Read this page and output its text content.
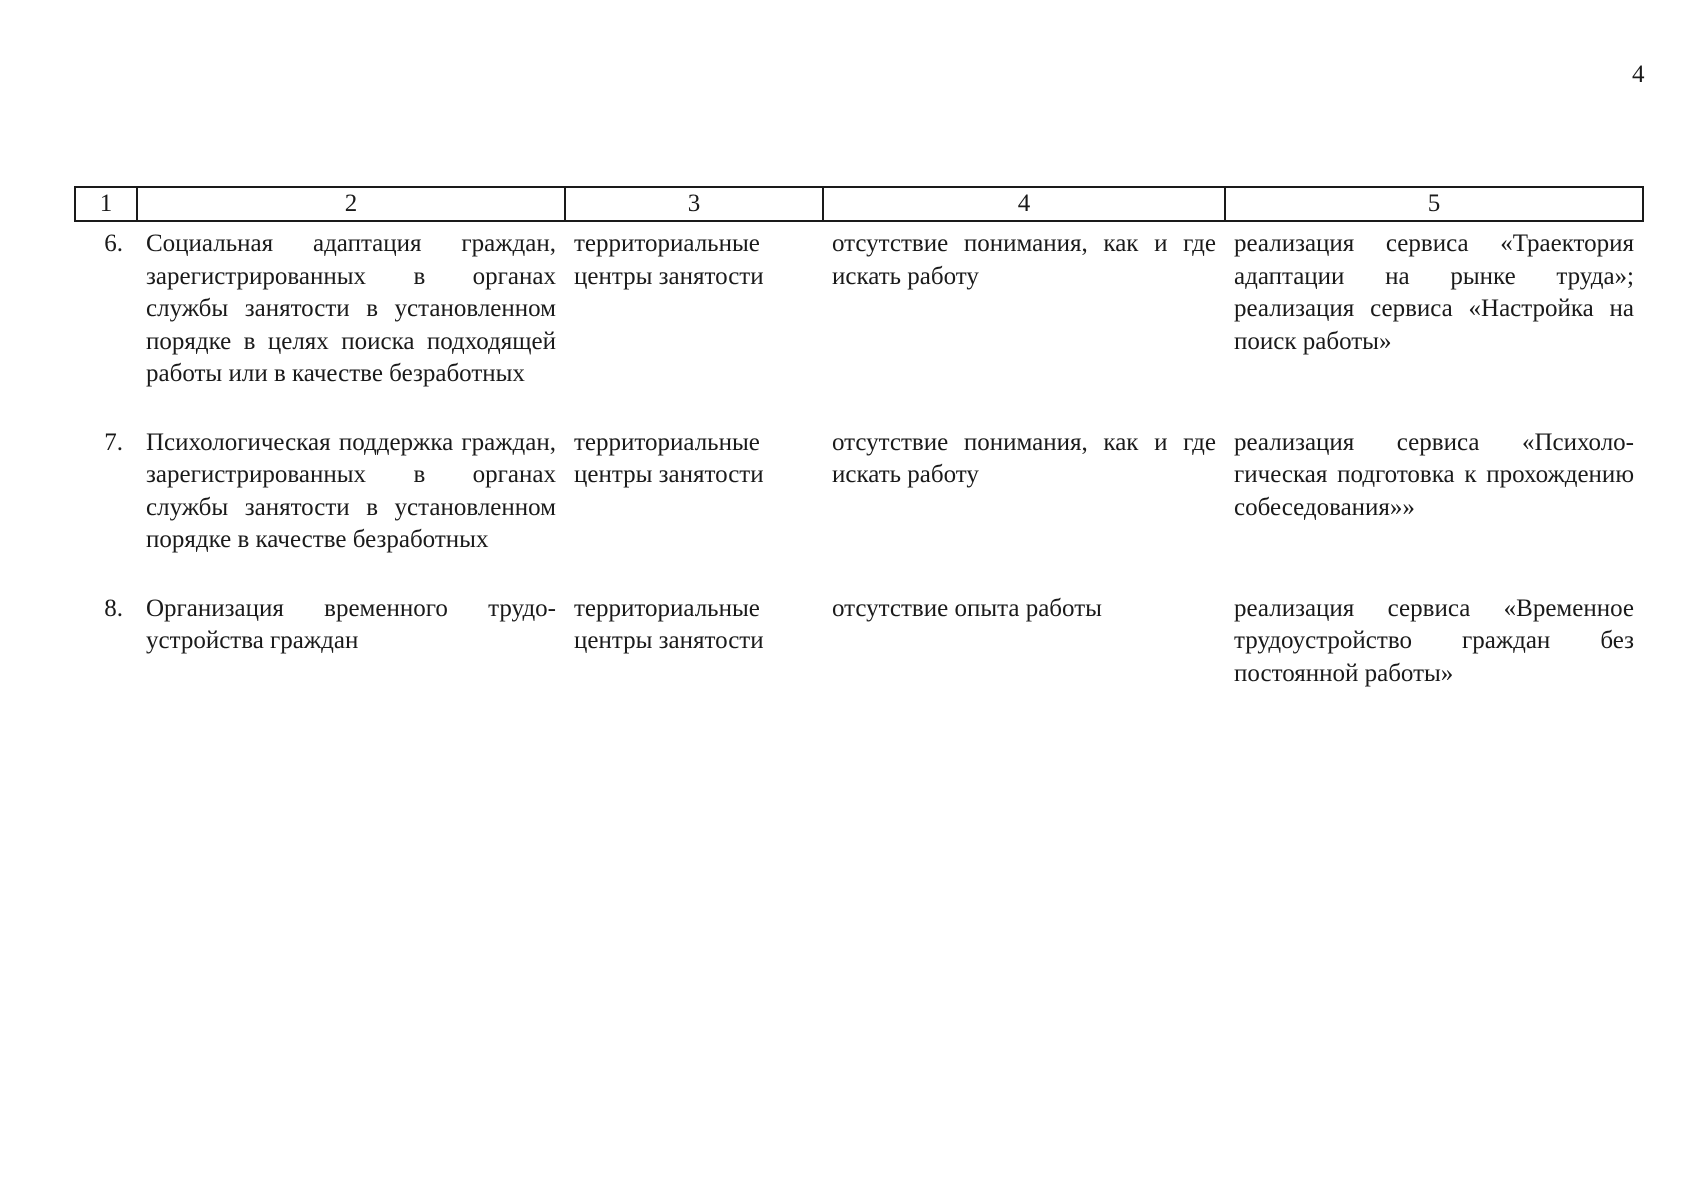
4
1	2	3	4	5
6.	Социальная адаптация граждан, зарегистрированных в органах службы занятости в установленном порядке в целях поиска подходящей работы или в качестве безработных	территориальные центры занятости	отсутствие понимания, как и где искать работу	реализация сервиса «Траектория адаптации на рынке труда»; реализация сервиса «Настройка на поиск работы»
7.	Психологическая поддержка граждан, зарегистрированных в органах службы занятости в установленном порядке в качестве безработных	территориальные центры занятости	отсутствие понимания, как и где искать работу	реализация сервиса «Психологическая подготовка к прохождению собеседования»»
8.	Организация временного трудоустройства граждан	территориальные центры занятости	отсутствие опыта работы	реализация сервиса «Временное трудоустройство граждан без постоянной работы»
